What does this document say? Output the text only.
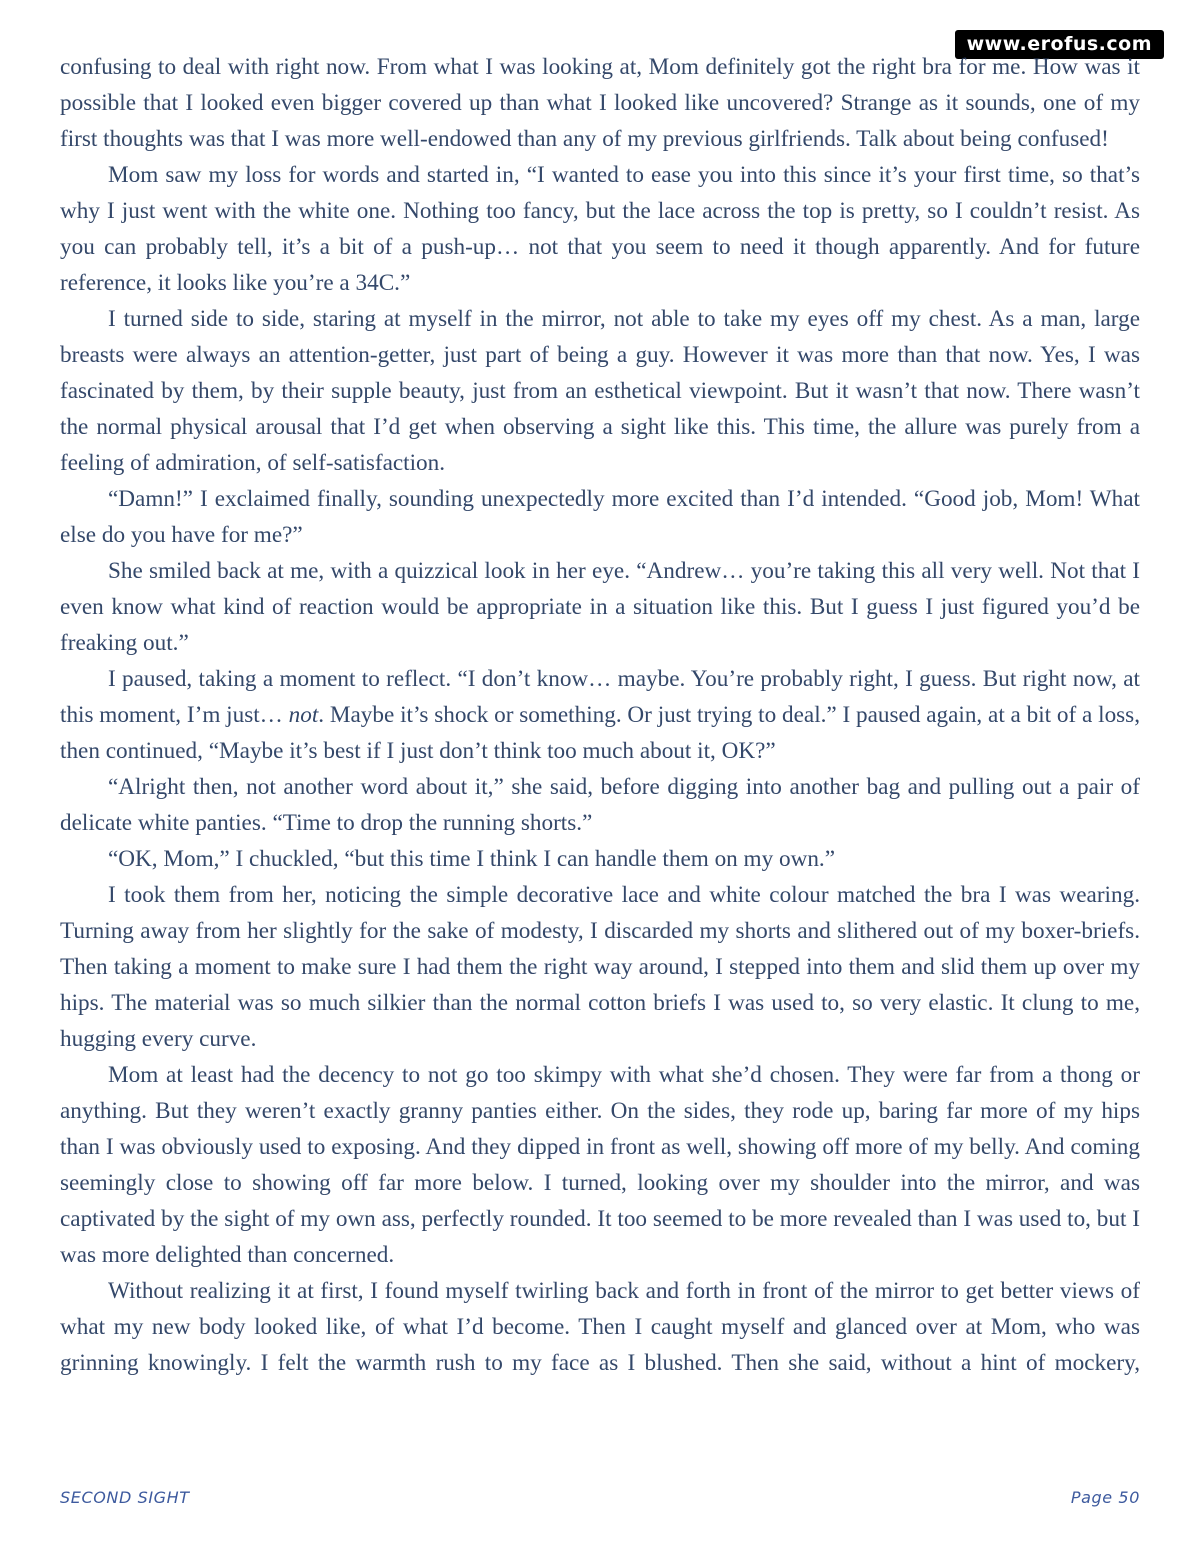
www.erofus.com

confusing to deal with right now. From what I was looking at, Mom definitely got the right bra for me. How was it possible that I looked even bigger covered up than what I looked like uncovered? Strange as it sounds, one of my first thoughts was that I was more well-endowed than any of my previous girlfriends. Talk about being confused!

Mom saw my loss for words and started in, “I wanted to ease you into this since it’s your first time, so that’s why I just went with the white one. Nothing too fancy, but the lace across the top is pretty, so I couldn’t resist. As you can probably tell, it’s a bit of a push-up… not that you seem to need it though apparently. And for future reference, it looks like you’re a 34C.”

I turned side to side, staring at myself in the mirror, not able to take my eyes off my chest. As a man, large breasts were always an attention-getter, just part of being a guy. However it was more than that now. Yes, I was fascinated by them, by their supple beauty, just from an esthetical viewpoint. But it wasn’t that now. There wasn’t the normal physical arousal that I’d get when observing a sight like this. This time, the allure was purely from a feeling of admiration, of self-satisfaction.

“Damn!” I exclaimed finally, sounding unexpectedly more excited than I’d intended. “Good job, Mom! What else do you have for me?”

She smiled back at me, with a quizzical look in her eye. “Andrew… you’re taking this all very well. Not that I even know what kind of reaction would be appropriate in a situation like this. But I guess I just figured you’d be freaking out.”

I paused, taking a moment to reflect. “I don’t know… maybe. You’re probably right, I guess. But right now, at this moment, I’m just… not. Maybe it’s shock or something. Or just trying to deal.” I paused again, at a bit of a loss, then continued, “Maybe it’s best if I just don’t think too much about it, OK?”

“Alright then, not another word about it,” she said, before digging into another bag and pulling out a pair of delicate white panties. “Time to drop the running shorts.”

“OK, Mom,” I chuckled, “but this time I think I can handle them on my own.”

I took them from her, noticing the simple decorative lace and white colour matched the bra I was wearing. Turning away from her slightly for the sake of modesty, I discarded my shorts and slithered out of my boxer-briefs. Then taking a moment to make sure I had them the right way around, I stepped into them and slid them up over my hips. The material was so much silkier than the normal cotton briefs I was used to, so very elastic. It clung to me, hugging every curve.

Mom at least had the decency to not go too skimpy with what she’d chosen. They were far from a thong or anything. But they weren’t exactly granny panties either. On the sides, they rode up, baring far more of my hips than I was obviously used to exposing. And they dipped in front as well, showing off more of my belly. And coming seemingly close to showing off far more below. I turned, looking over my shoulder into the mirror, and was captivated by the sight of my own ass, perfectly rounded. It too seemed to be more revealed than I was used to, but I was more delighted than concerned.

Without realizing it at first, I found myself twirling back and forth in front of the mirror to get better views of what my new body looked like, of what I’d become. Then I caught myself and glanced over at Mom, who was grinning knowingly. I felt the warmth rush to my face as I blushed. Then she said, without a hint of mockery,

SECOND SIGHT	Page 50
